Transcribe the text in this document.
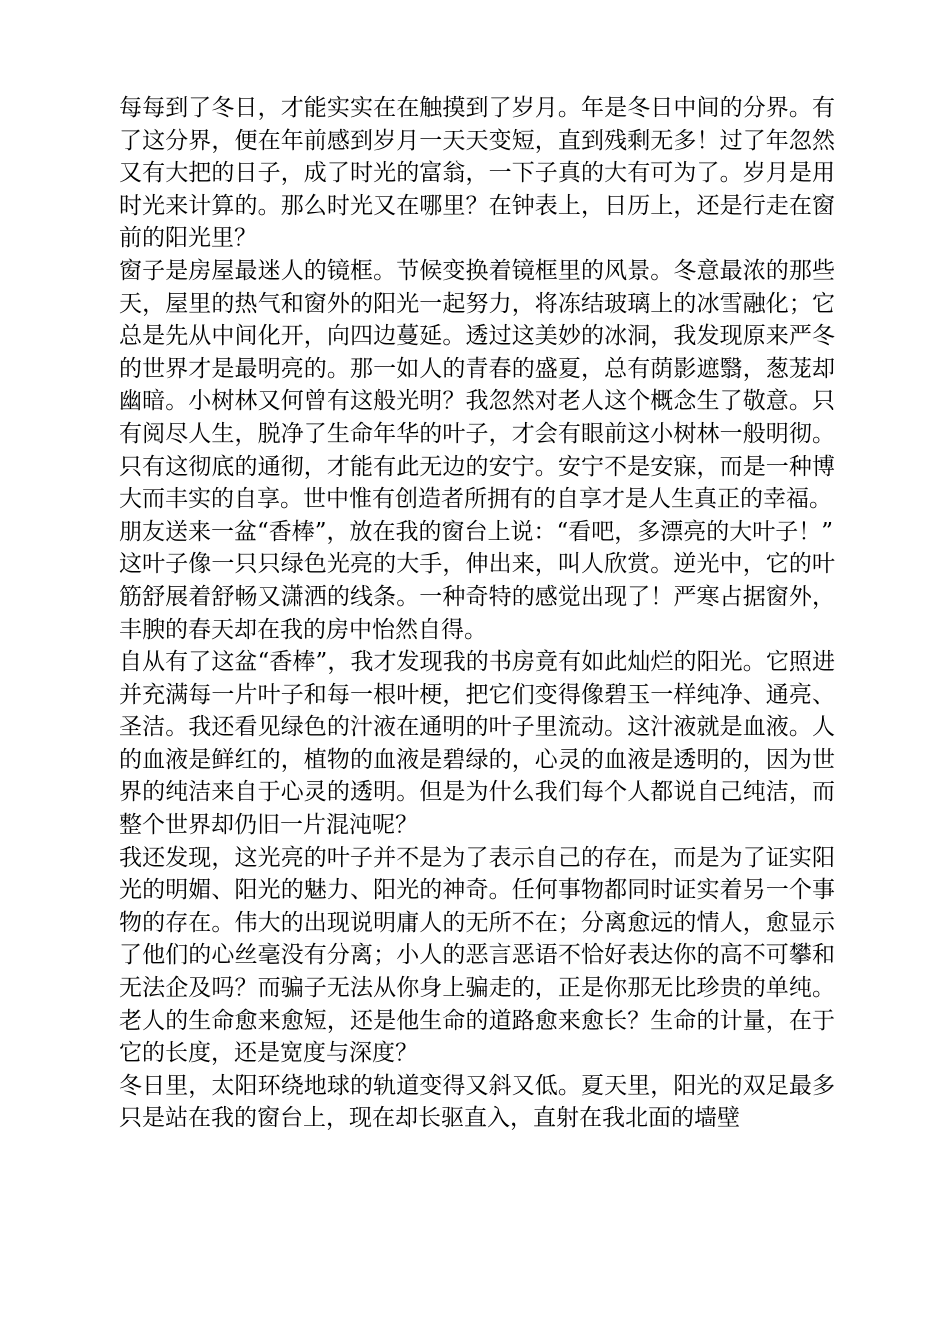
每每到了冬日，才能实实在在触摸到了岁月。年是冬日中间的分界。有了这分界，便在年前感到岁月一天天变短，直到残剩无多！过了年忽然又有大把的日子，成了时光的富翁，一下子真的大有可为了。岁月是用时光来计算的。那么时光又在哪里？在钟表上，日历上，还是行走在窗前的阳光里？

窗子是房屋最迷人的镜框。节候变换着镜框里的风景。冬意最浓的那些天，屋里的热气和窗外的阳光一起努力，将冻结玻璃上的冰雪融化；它总是先从中间化开，向四边蔓延。透过这美妙的冰洞，我发现原来严冬的世界才是最明亮的。那一如人的青春的盛夏，总有荫影遮翳，葱茏却幽暗。小树林又何曾有这般光明？我忽然对老人这个概念生了敬意。只有阅尽人生，脱净了生命年华的叶子，才会有眼前这小树林一般明彻。只有这彻底的通彻，才能有此无边的安宁。安宁不是安寐，而是一种博大而丰实的自享。世中惟有创造者所拥有的自享才是人生真正的幸福。

朋友送来一盆“香棒”，放在我的窗台上说：“看吧，多漂亮的大叶子！”

这叶子像一只只绿色光亮的大手，伸出来，叫人欣赏。逆光中，它的叶筋舒展着舒畅又潇洒的线条。一种奇特的感觉出现了！严寒占据窗外，丰腴的春天却在我的房中怡然自得。

自从有了这盆“香棒”，我才发现我的书房竟有如此灿烂的阳光。它照进并充满每一片叶子和每一根叶梗，把它们变得像碧玉一样纯净、通亮、圣洁。我还看见绿色的汁液在通明的叶子里流动。这汁液就是血液。人的血液是鲜红的，植物的血液是碧绿的，心灵的血液是透明的，因为世界的纯洁来自于心灵的透明。但是为什么我们每个人都说自己纯洁，而整个世界却仍旧一片混沌呢？

我还发现，这光亮的叶子并不是为了表示自己的存在，而是为了证实阳光的明媚、阳光的魅力、阳光的神奇。任何事物都同时证实着另一个事物的存在。伟大的出现说明庸人的无所不在；分离愈远的情人，愈显示了他们的心丝毫没有分离；小人的恶言恶语不恰好表达你的高不可攀和无法企及吗？而骗子无法从你身上骗走的，正是你那无比珍贵的单纯。老人的生命愈来愈短，还是他生命的道路愈来愈长？生命的计量，在于它的长度，还是宽度与深度？

冬日里，太阳环绕地球的轨道变得又斜又低。夏天里，阳光的双足最多只是站在我的窗台上，现在却长驱直入，直射在我北面的墙壁
